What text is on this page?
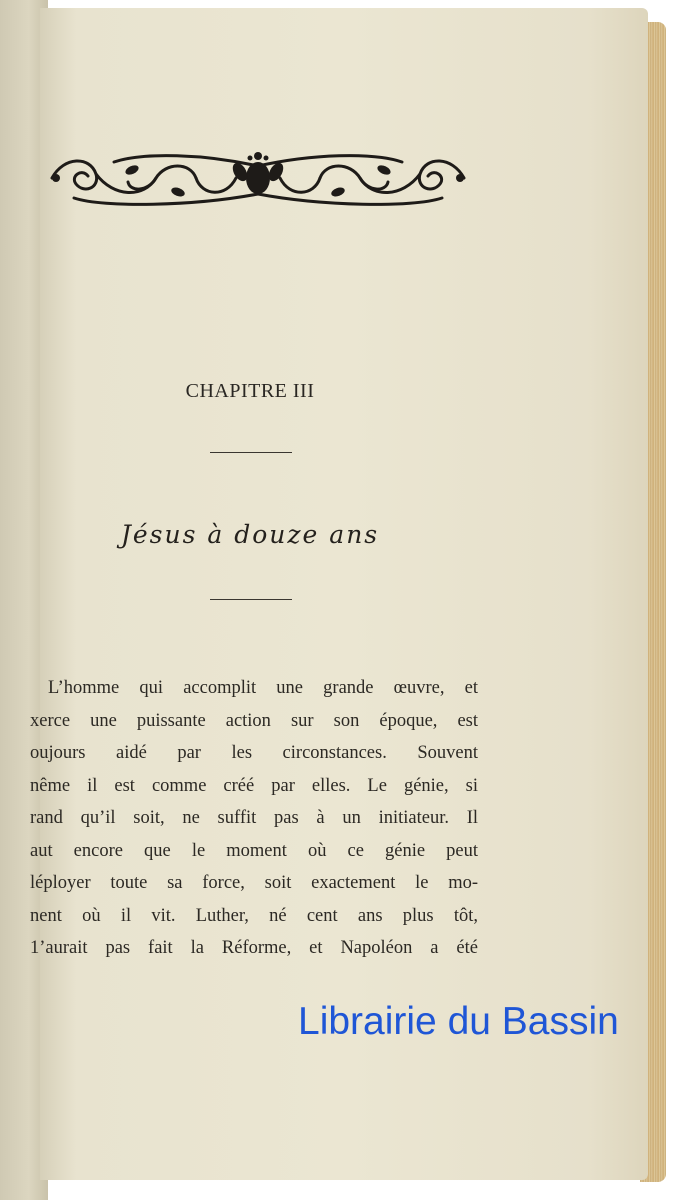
CHAPITRE III
Jésus à douze ans
L’homme qui accomplit une grande œuvre, et
xerce une puissante action sur son époque, est
oujours aidé par les circonstances. Souvent
nême il est comme créé par elles. Le génie, si
rand qu’il soit, ne suffit pas à un initiateur. Il
aut encore que le moment où ce génie peut
léployer toute sa force, soit exactement le mo-
nent où il vit. Luther, né cent ans plus tôt,
1’aurait pas fait la Réforme, et Napoléon a été
Librairie du Bassin
